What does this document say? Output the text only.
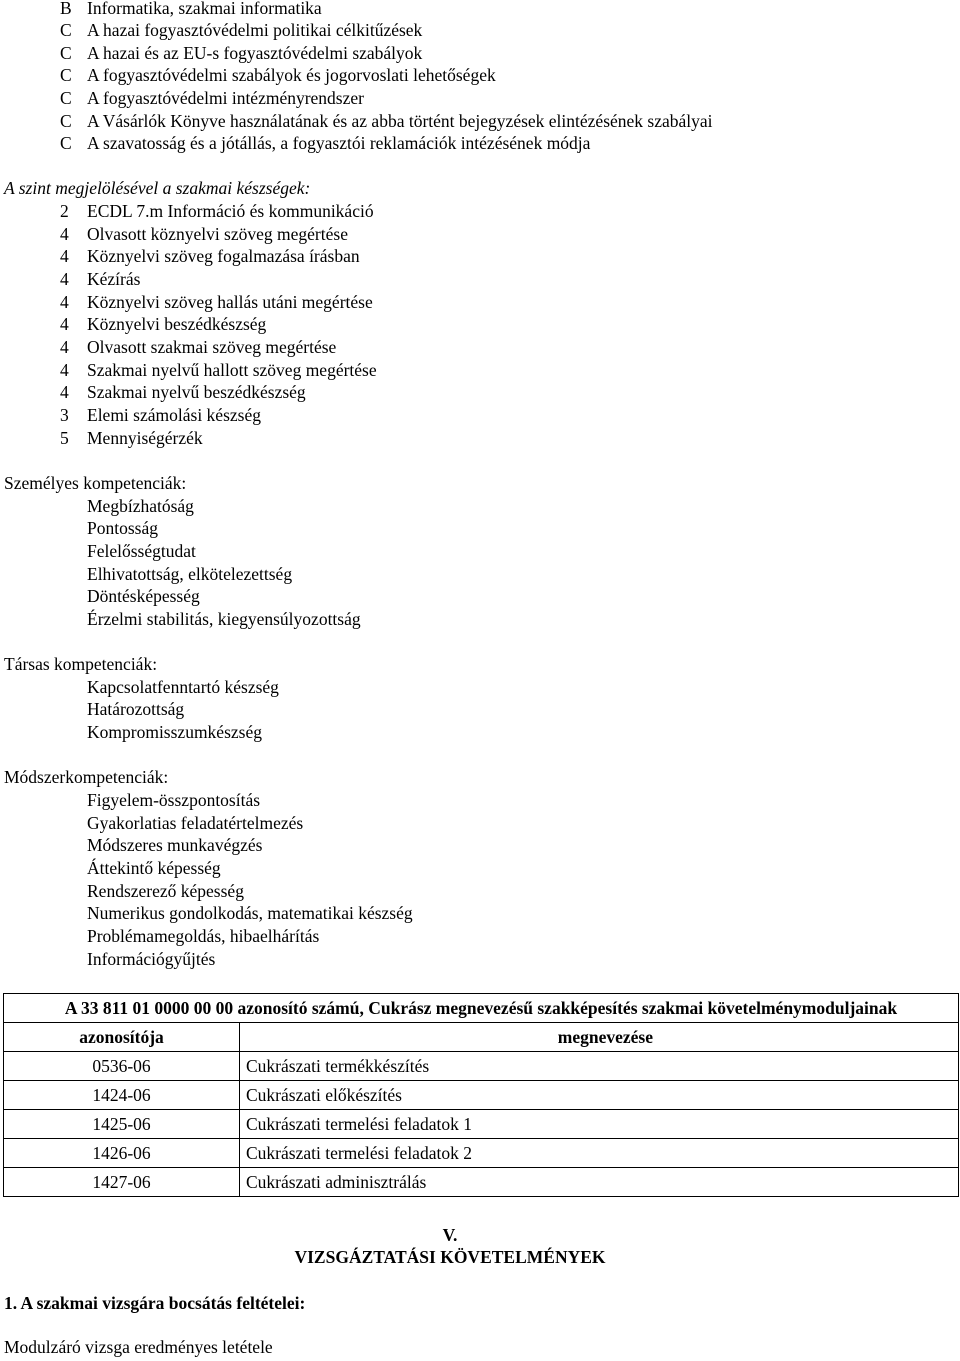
B Informatika, szakmai informatika
C A hazai fogyasztóvédelmi politikai célkitűzések
C A hazai és az EU-s fogyasztóvédelmi szabályok
C A fogyasztóvédelmi szabályok és jogorvoslati lehetőségek
C A fogyasztóvédelmi intézményrendszer
C A Vásárlók Könyve használatának és az abba történt bejegyzések elintézésének szabályai
C A szavatosság és a jótállás, a fogyasztói reklamációk intézésének módja
A szint megjelölésével a szakmai készségek:
2 ECDL 7.m Információ és kommunikáció
4 Olvasott köznyelvi szöveg megértése
4 Köznyelvi szöveg fogalmazása írásban
4 Kézírás
4 Köznyelvi szöveg hallás utáni megértése
4 Köznyelvi beszédkészség
4 Olvasott szakmai szöveg megértése
4 Szakmai nyelvű hallott szöveg megértése
4 Szakmai nyelvű beszédkészség
3 Elemi számolási készség
5 Mennyiségérzék
Személyes kompetenciák:
Megbízhatóság
Pontosság
Felelősségtudat
Elhivatottság, elkötelezettség
Döntésképesség
Érzelmi stabilitás, kiegyensúlyozottság
Társas kompetenciák:
Kapcsolatfenntartó készség
Határozottság
Kompromisszumkészség
Módszerkompetenciák:
Figyelem-összpontosítás
Gyakorlatias feladatértelmezés
Módszeres munkavégzés
Áttekintő képesség
Rendszerező képesség
Numerikus gondolkodás, matematikai készség
Problémamegoldás, hibaelhárítás
Információgyűjtés
A 33 811 01 0000 00 00 azonosító számú, Cukrász megnevezésű szakképesítés szakmai követelménymoduljainak	
azonosítója	megnevezése
0536-06	Cukrászati termékkészítés
1424-06	Cukrászati előkészítés
1425-06	Cukrászati termelési feladatok 1
1426-06	Cukrászati termelési feladatok 2
1427-06	Cukrászati adminisztrálás
V.
VIZSGÁZTATÁSI KÖVETELMÉNYEK
1. A szakmai vizsgára bocsátás feltételei:
Modulzáró vizsga eredményes letétele
